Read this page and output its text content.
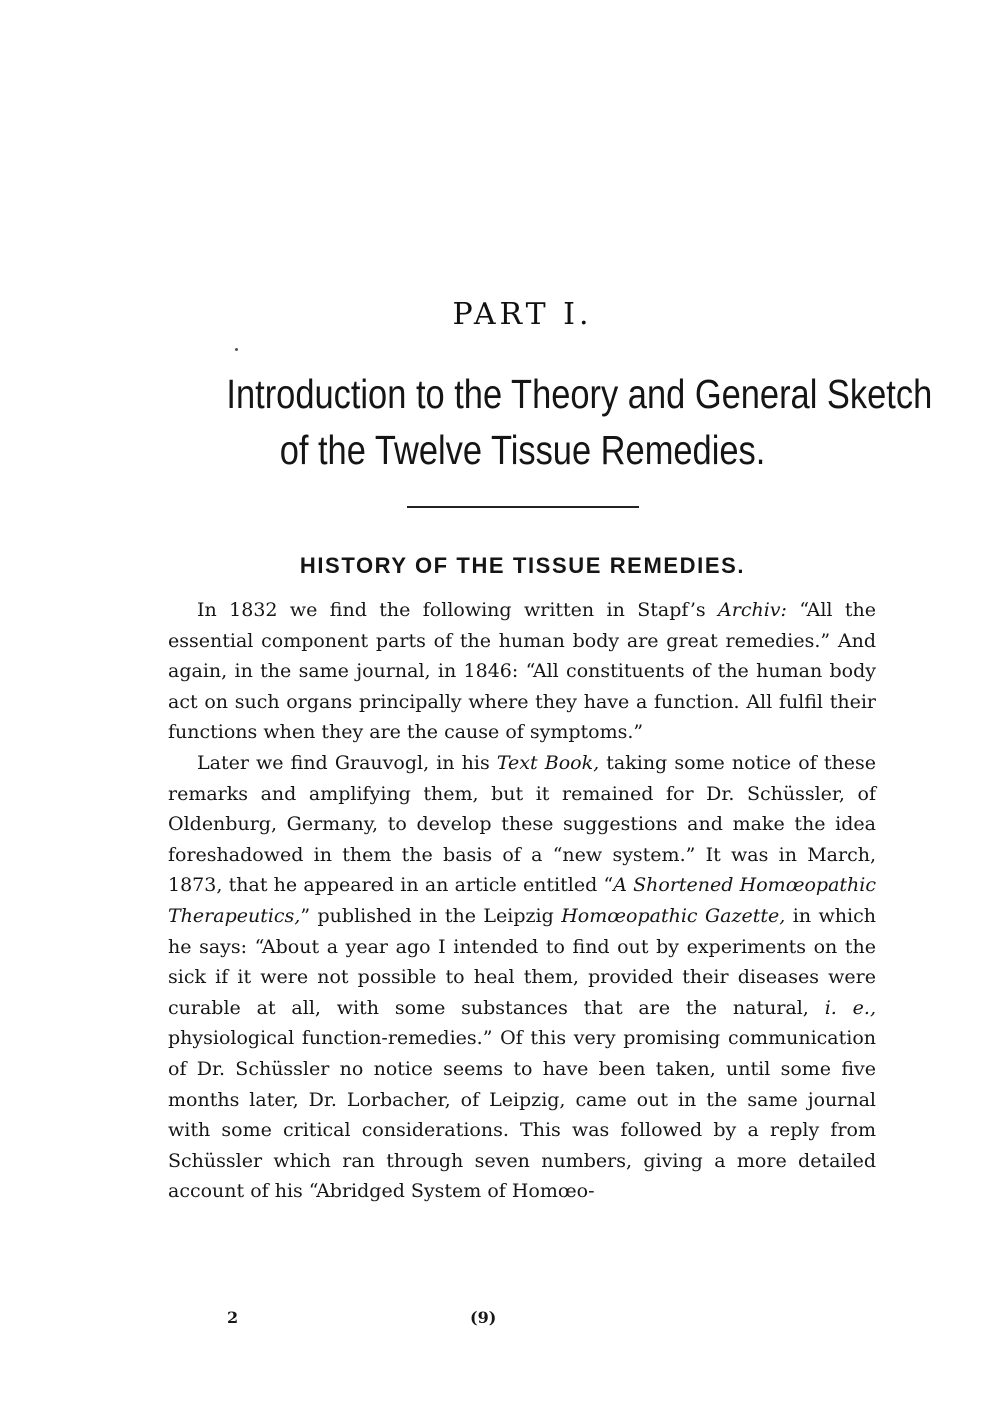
PART I.
Introduction to the Theory and General Sketch
of the Twelve Tissue Remedies.
HISTORY OF THE TISSUE REMEDIES.

In 1832 we find the following written in Stapf’s Archiv: “All the essential component parts of the human body are great remedies.” And again, in the same journal, in 1846: “All constituents of the human body act on such organs principally where they have a function. All fulfil their functions when they are the cause of symptoms.”

Later we find Grauvogl, in his Text Book, taking some notice of these remarks and amplifying them, but it remained for Dr. Schüssler, of Oldenburg, Germany, to develop these suggestions and make the idea foreshadowed in them the basis of a “new system.” It was in March, 1873, that he appeared in an article entitled “A Shortened Homœopathic Therapeutics,” published in the Leipzig Homœopathic Gazette, in which he says: “About a year ago I intended to find out by experiments on the sick if it were not possible to heal them, provided their diseases were curable at all, with some substances that are the natural, i. e., physiological function-remedies.” Of this very promising communication of Dr. Schüssler no notice seems to have been taken, until some five months later, Dr. Lorbacher, of Leipzig, came out in the same journal with some critical considerations. This was followed by a reply from Schüssler which ran through seven numbers, giving a more detailed account of his “Abridged System of Homœo-

2	(9)
